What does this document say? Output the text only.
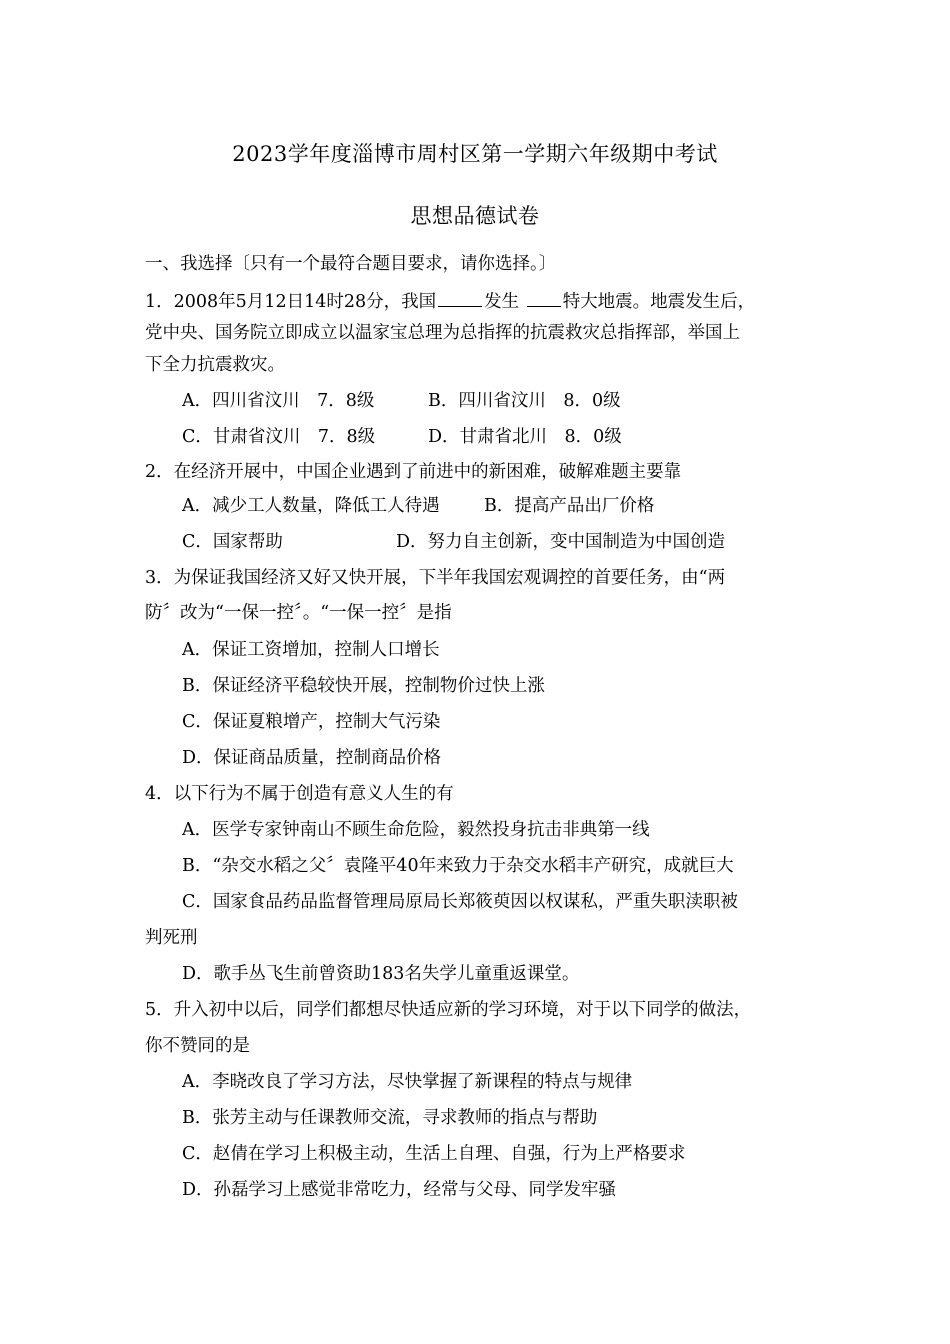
2023学年度淄博市周村区第一学期六年级期中考试
思想品德试卷
一、我选择〔只有一个最符合题目要求，请你选择。〕
1．2008年5月12日14时28分，我国	发生 特大地震。地震发生后，
党中央、国务院立即成立以温家宝总理为总指挥的抗震救灾总指挥部，举国上
下全力抗震救灾。
A．四川省汶川　7．8级	B．四川省汶川　8．0级
C．甘肃省汶川　7．8级	D．甘肃省北川　8．0级
2．在经济开展中，中国企业遇到了前进中的新困难，破解难题主要靠
A．减少工人数量，降低工人待遇	B．提高产品出厂价格
C．国家帮助	D．努力自主创新，变中国制造为中国创造
3．为保证我国经济又好又快开展，下半年我国宏观调控的首要任务，由“两
防〞改为“一保一控〞。“一保一控〞是指
A．保证工资增加，控制人口增长
B．保证经济平稳较快开展，控制物价过快上涨
C．保证夏粮增产，控制大气污染
D．保证商品质量，控制商品价格
4．以下行为不属于创造有意义人生的有
A．医学专家钟南山不顾生命危险，毅然投身抗击非典第一线
B．“杂交水稻之父〞袁隆平40年来致力于杂交水稻丰产研究，成就巨大
C．国家食品药品监督管理局原局长郑筱萸因以权谋私，严重失职渎职被
判死刑
D．歌手丛飞生前曾资助183名失学儿童重返课堂。
5．升入初中以后，同学们都想尽快适应新的学习环境，对于以下同学的做法，
你不赞同的是
A．李晓改良了学习方法，尽快掌握了新课程的特点与规律
B．张芳主动与任课教师交流，寻求教师的指点与帮助
C．赵倩在学习上积极主动，生活上自理、自强，行为上严格要求
D．孙磊学习上感觉非常吃力，经常与父母、同学发牢骚
